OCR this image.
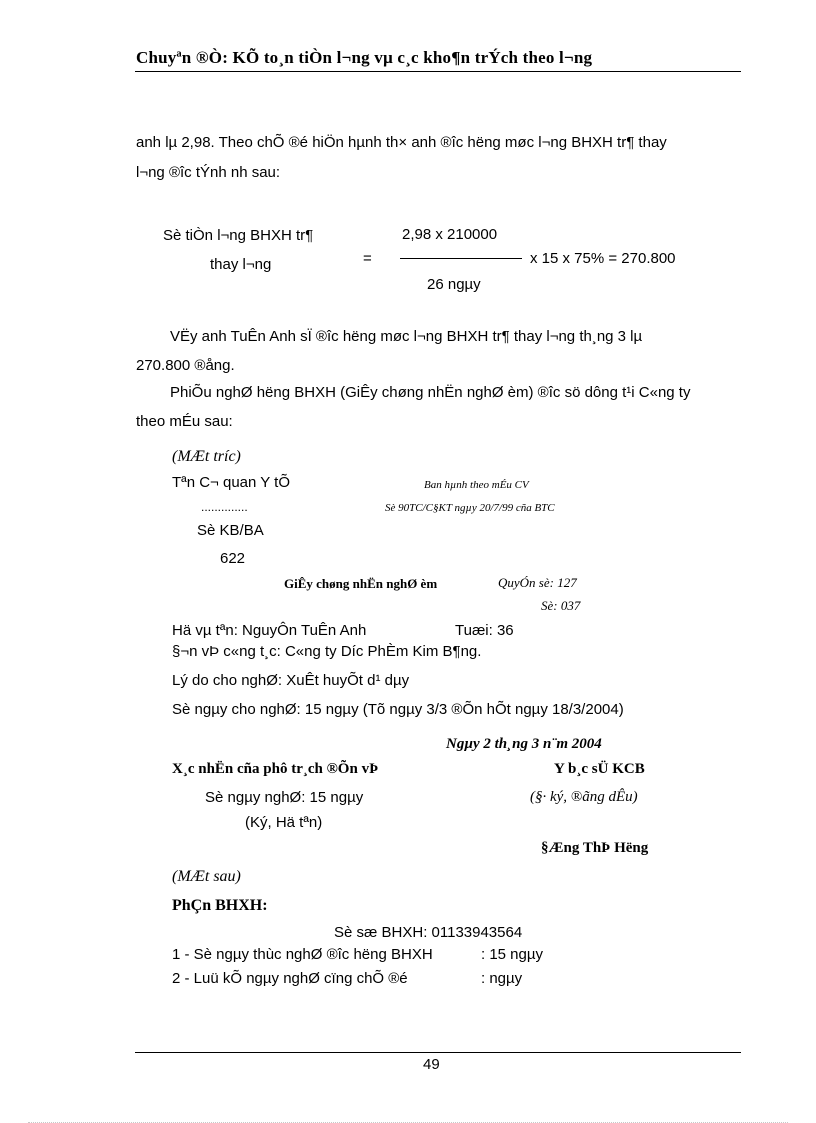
Chuyªn ®Ò: KÕ to¸n tiÒn l¬ng vµ c¸c kho¶n trÝch theo l¬ng
anh lµ 2,98. Theo chÕ ®é hiÖn hµnh th× anh ®îc hëng møc l¬ng BHXH tr¶ thay
l¬ng ®îc tÝnh nh sau:
Sè tiÒn l¬ng BHXH tr¶
thay l¬ng	=
2,98 x 210000
26 ngµy
x 15 x 75% = 270.800
VËy anh TuÊn Anh sÏ ®îc hëng møc l¬ng BHXH tr¶ thay l¬ng th¸ng 3 lµ
270.800 ®ång.
PhiÕu nghØ hëng BHXH (GiÊy chøng nhËn nghØ èm) ®îc sö dông t¹i C«ng ty
theo mÉu sau:
(MÆt tríc)
Tªn C¬ quan Y tÕ	Ban hµnh theo mÉu CV
..............	Sè 90TC/C§KT ngµy 20/7/99 cña BTC
Sè KB/BA
622
GiÊy chøng nhËn nghØ èm	QuyÓn sè: 127
Sè: 037
Hä vµ tªn: NguyÔn TuÊn Anh	Tuæi: 36
§¬n vÞ c«ng t¸c: C«ng ty Díc PhÈm Kim B¶ng.
Lý do cho nghØ: XuÊt huyÕt d¹ dµy
Sè ngµy cho nghØ: 15 ngµy (Tõ ngµy 3/3 ®Õn hÕt ngµy 18/3/2004)
Ngµy 2 th¸ng 3 n¨m 2004
X¸c nhËn cña phô tr¸ch ®Õn vÞ	Y b¸c sÜ KCB
Sè ngµy nghØ: 15 ngµy	(§· ký, ®ãng dÊu)
(Ký, Hä tªn)
§Æng ThÞ Hëng
(MÆt sau)
PhÇn BHXH:
Sè sæ BHXH: 01133943564
1 - Sè ngµy thùc nghØ ®îc hëng BHXH	: 15 ngµy
2 - Luü kÕ ngµy nghØ cïng chÕ ®é	: ngµy
49
